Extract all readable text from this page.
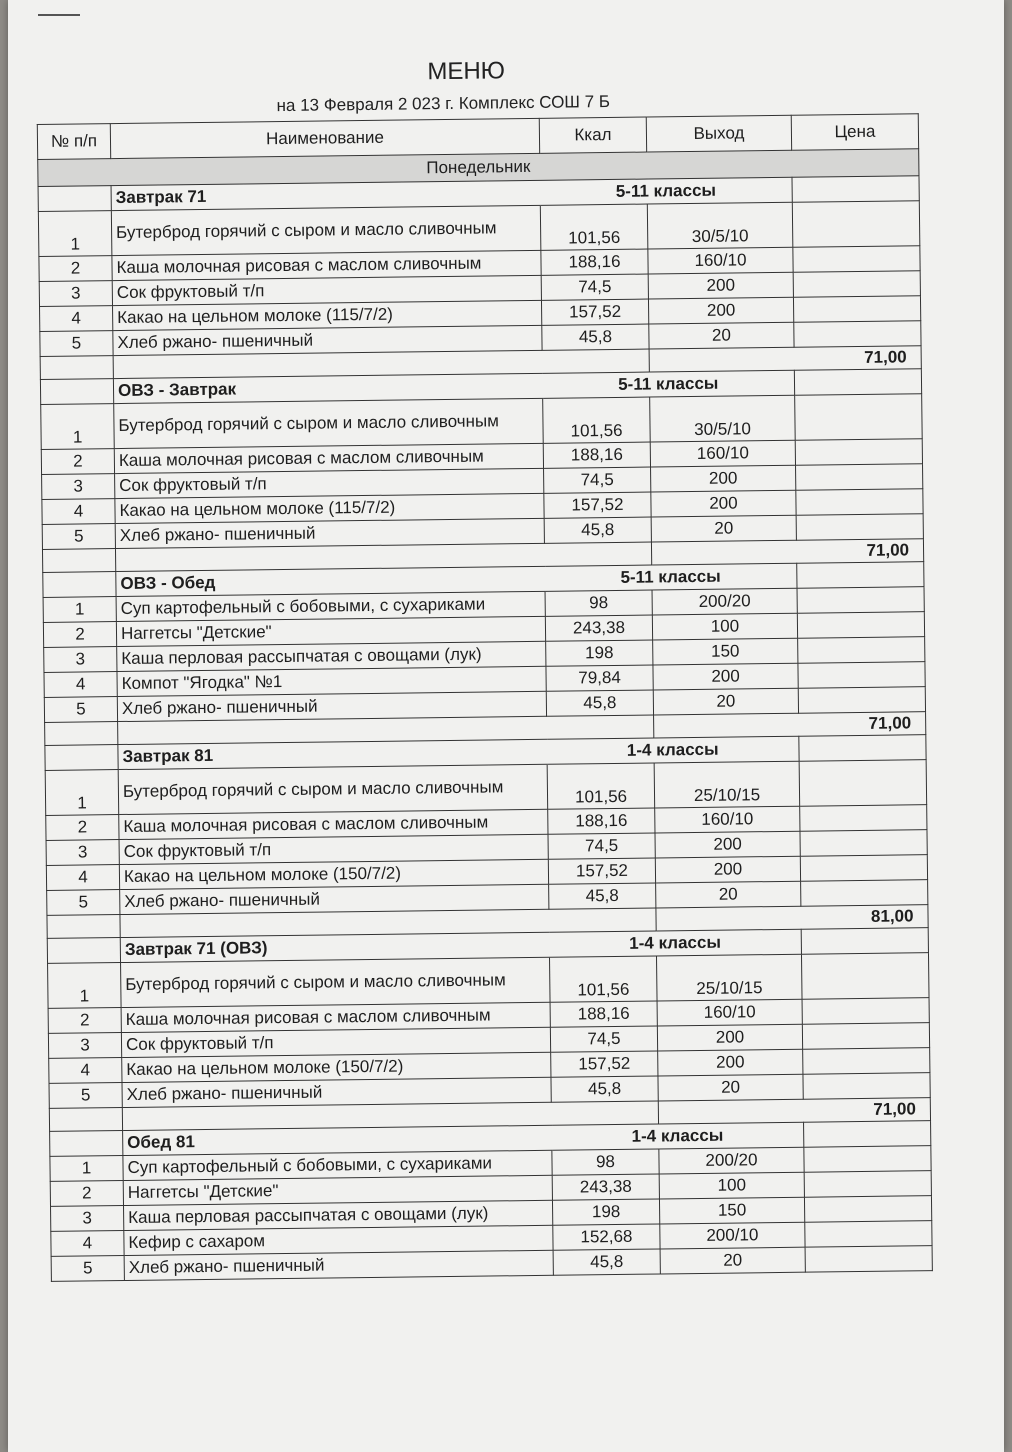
МЕНЮ
на 13 Февраля 2 023 г. Комплекс СОШ 7 Б
№ п/п	Наименование	Ккал	Выход	Цена
Понедельник				
	Завтрак 71	5-11 классы		
1	Бутерброд горячий с сыром и масло сливочным	101,56	30/5/10	
2	Каша молочная рисовая с маслом сливочным	188,16	160/10	
3	Сок фруктовый т/п	74,5	200	
4	Какао на цельном молоке (115/7/2)	157,52	200	
5	Хлеб ржано- пшеничный	45,8	20	
			71,00	
	ОВЗ - Завтрак	5-11 классы		
1	Бутерброд горячий с сыром и масло сливочным	101,56	30/5/10	
2	Каша молочная рисовая с маслом сливочным	188,16	160/10	
3	Сок фруктовый т/п	74,5	200	
4	Какао на цельном молоке (115/7/2)	157,52	200	
5	Хлеб ржано- пшеничный	45,8	20	
			71,00	
	ОВЗ - Обед	5-11 классы		
1	Суп картофельный с бобовыми, с сухариками	98	200/20	
2	Наггетсы "Детские"	243,38	100	
3	Каша перловая рассыпчатая с овощами (лук)	198	150	
4	Компот "Ягодка" №1	79,84	200	
5	Хлеб ржано- пшеничный	45,8	20	
			71,00	
	Завтрак 81	1-4 классы		
1	Бутерброд горячий с сыром и масло сливочным	101,56	25/10/15	
2	Каша молочная рисовая с маслом сливочным	188,16	160/10	
3	Сок фруктовый т/п	74,5	200	
4	Какао на цельном молоке (150/7/2)	157,52	200	
5	Хлеб ржано- пшеничный	45,8	20	
			81,00	
	Завтрак 71 (ОВЗ)	1-4 классы		
1	Бутерброд горячий с сыром и масло сливочным	101,56	25/10/15	
2	Каша молочная рисовая с маслом сливочным	188,16	160/10	
3	Сок фруктовый т/п	74,5	200	
4	Какао на цельном молоке (150/7/2)	157,52	200	
5	Хлеб ржано- пшеничный	45,8	20	
			71,00	
	Обед 81	1-4 классы		
1	Суп картофельный с бобовыми, с сухариками	98	200/20	
2	Наггетсы "Детские"	243,38	100	
3	Каша перловая рассыпчатая с овощами (лук)	198	150	
4	Кефир с сахаром	152,68	200/10	
5	Хлеб ржано- пшеничный	45,8	20	
